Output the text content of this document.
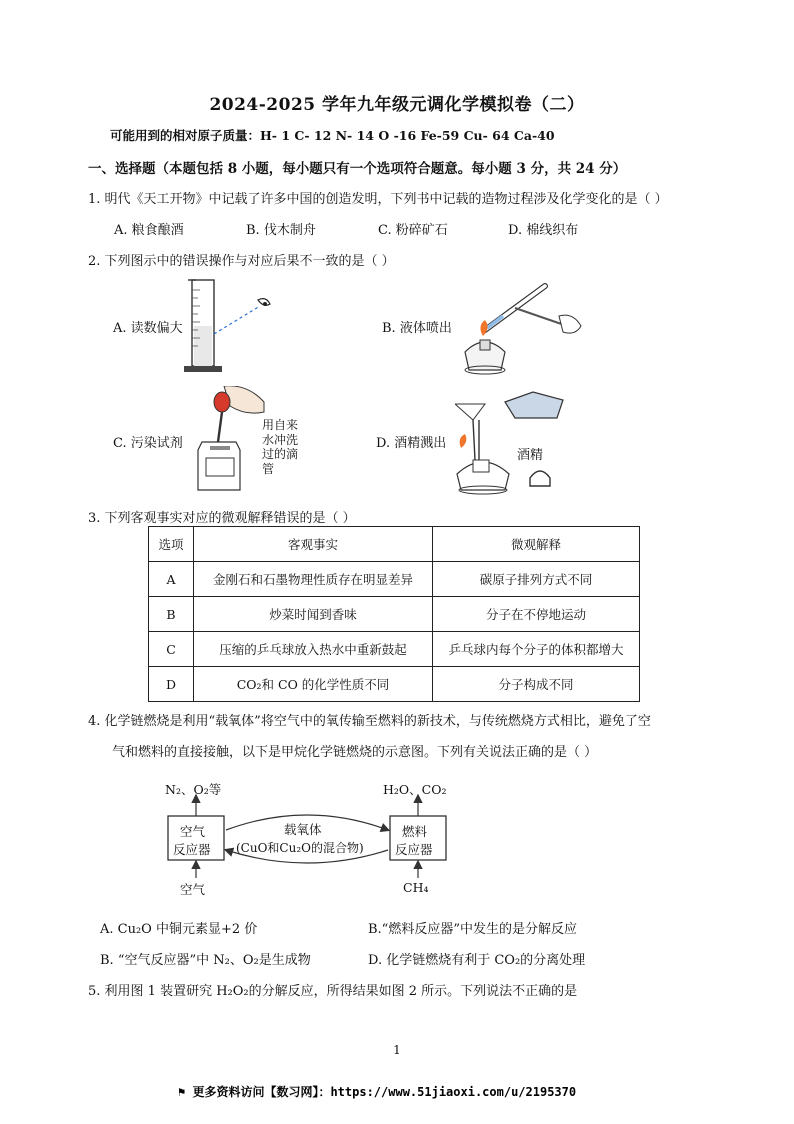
2024-2025 学年九年级元调化学模拟卷（二）
可能用到的相对原子质量：H- 1 C- 12 N- 14 O -16 Fe-59 Cu- 64 Ca-40
一、选择题（本题包括 8 小题，每小题只有一个选项符合题意。每小题 3 分，共 24 分）
1. 明代《天工开物》中记载了许多中国的创造发明，下列书中记载的造物过程涉及化学变化的是（ ）
A. 粮食酿酒	B. 伐木制舟	C. 粉碎矿石	D. 棉线织布
2. 下列图示中的错误操作与对应后果不一致的是（ ）
A. 读数偏大	B. 液体喷出
C. 污染试剂	D. 酒精溅出
用自来
水冲洗
过的滴
管
酒精
3. 下列客观事实对应的微观解释错误的是（ ）
选项	客观事实	微观解释
A	金刚石和石墨物理性质存在明显差异	碳原子排列方式不同
B	炒菜时闻到香味	分子在不停地运动
C	压缩的乒乓球放入热水中重新鼓起	乒乓球内每个分子的体积都增大
D	CO₂和 CO 的化学性质不同	分子构成不同
4. 化学链燃烧是利用“载氧体”将空气中的氧传输至燃料的新技术，与传统燃烧方式相比，避免了空
气和燃料的直接接触，以下是甲烷化学链燃烧的示意图。下列有关说法正确的是（ ）
N₂、O₂等	H₂O、CO₂
空气
反应器
燃料
反应器
载氧体
(CuO和Cu₂O的混合物)
空气	CH₄
A. Cu₂O 中铜元素显+2 价	B.“燃料反应器”中发生的是分解反应
B. “空气反应器”中 N₂、O₂是生成物	D. 化学链燃烧有利于 CO₂的分离处理
5. 利用图 1 装置研究 H₂O₂的分解反应，所得结果如图 2 所示。下列说法不正确的是
1
⚑ 更多资料访问【数习网】：https://www.51jiaoxi.com/u/2195370
